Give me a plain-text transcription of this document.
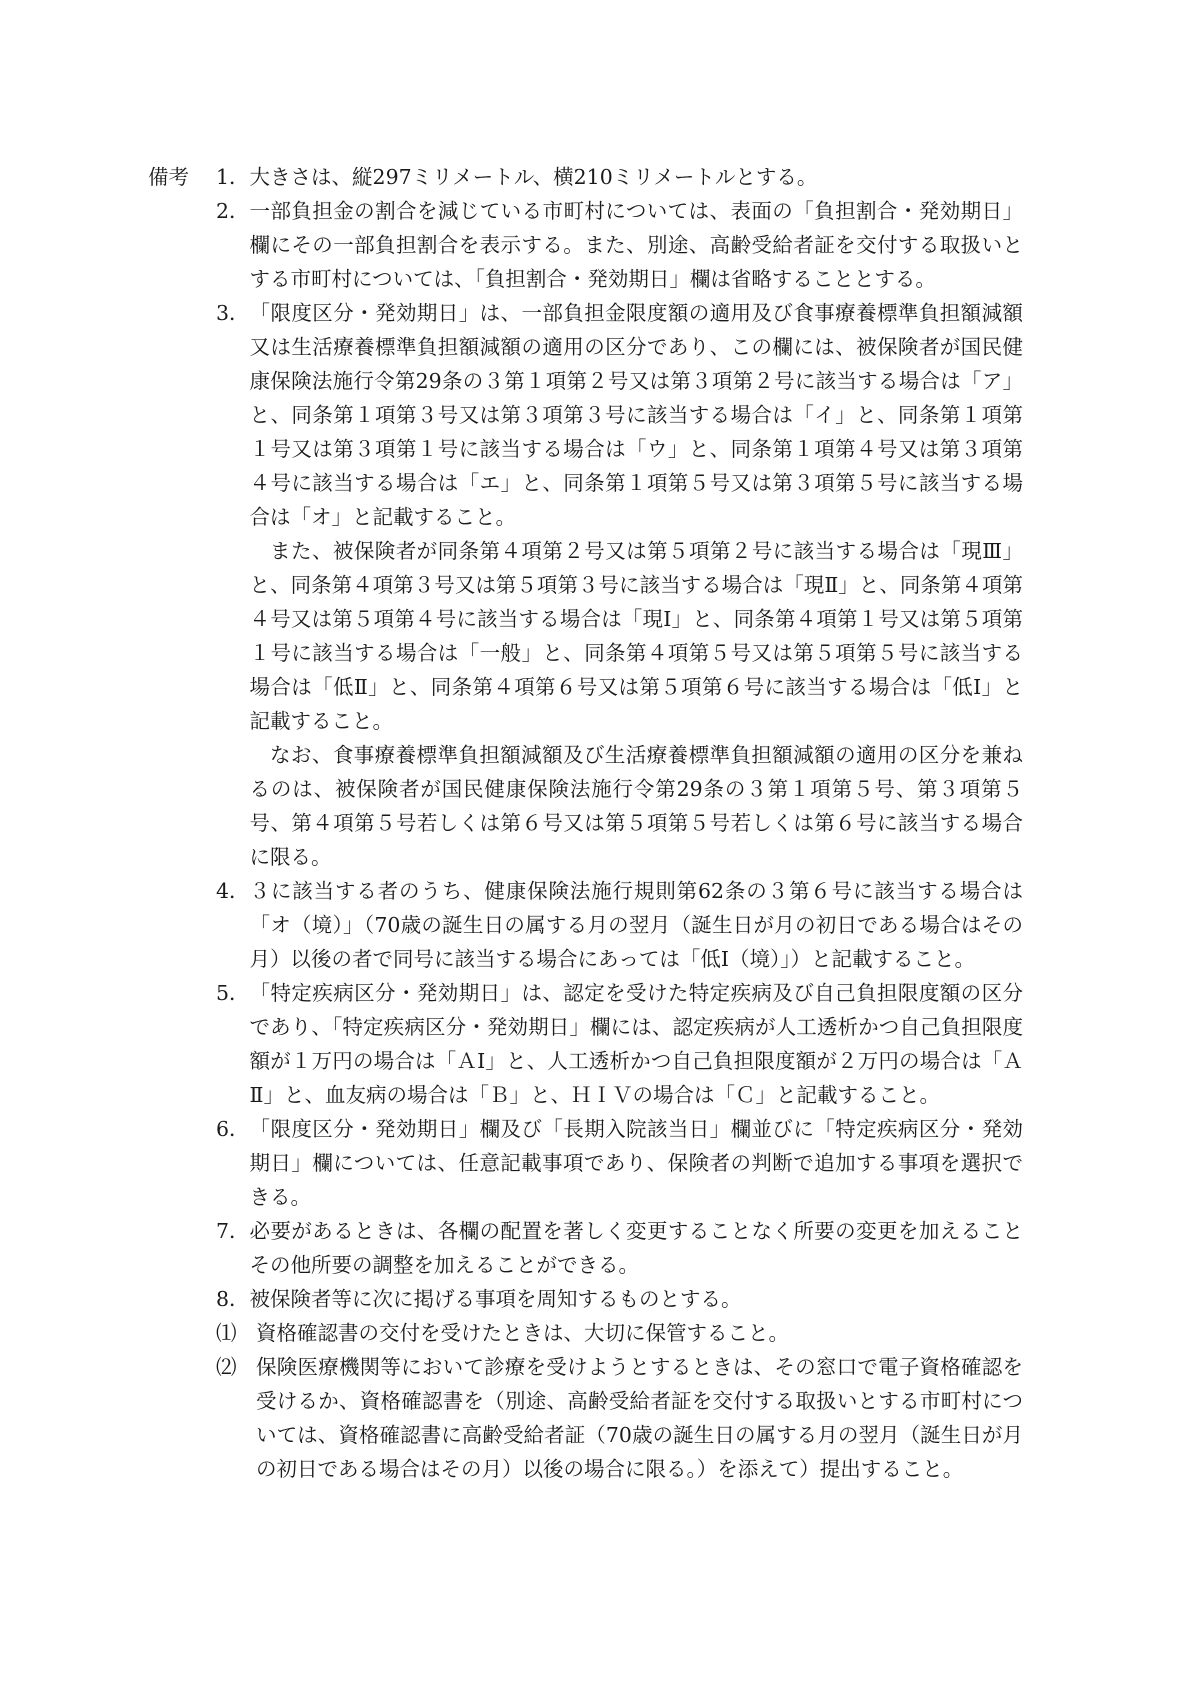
備考 1． 大きさは、縦297ミリメートル、横210ミリメートルとする。

2． 一部負担金の割合を減じている市町村については、表面の「負担割合・発効期日」欄にその一部負担割合を表示する。また、別途、高齢受給者証を交付する取扱いとする市町村については、「負担割合・発効期日」欄は省略することとする。

3． 「限度区分・発効期日」は、一部負担金限度額の適用及び食事療養標準負担額減額又は生活療養標準負担額減額の適用の区分であり、この欄には、被保険者が国民健康保険法施行令第29条の３第１項第２号又は第３項第２号に該当する場合は「ア」と、同条第１項第３号又は第３項第３号に該当する場合は「イ」と、同条第１項第１号又は第３項第１号に該当する場合は「ウ」と、同条第１項第４号又は第３項第４号に該当する場合は「エ」と、同条第１項第５号又は第３項第５号に該当する場合は「オ」と記載すること。

また、被保険者が同条第４項第２号又は第５項第２号に該当する場合は「現Ⅲ」と、同条第４項第３号又は第５項第３号に該当する場合は「現Ⅱ」と、同条第４項第４号又は第５項第４号に該当する場合は「現Ⅰ」と、同条第４項第１号又は第５項第１号に該当する場合は「一般」と、同条第４項第５号又は第５項第５号に該当する場合は「低Ⅱ」と、同条第４項第６号又は第５項第６号に該当する場合は「低Ⅰ」と記載すること。

なお、食事療養標準負担額減額及び生活療養標準負担額減額の適用の区分を兼ねるのは、被保険者が国民健康保険法施行令第29条の３第１項第５号、第３項第５号、第４項第５号若しくは第６号又は第５項第５号若しくは第６号に該当する場合に限る。

4． ３に該当する者のうち、健康保険法施行規則第62条の３第６号に該当する場合は「オ（境）」（70歳の誕生日の属する月の翌月（誕生日が月の初日である場合はその月）以後の者で同号に該当する場合にあっては「低Ⅰ（境）」）と記載すること。

5． 「特定疾病区分・発効期日」は、認定を受けた特定疾病及び自己負担限度額の区分であり、「特定疾病区分・発効期日」欄には、認定疾病が人工透析かつ自己負担限度額が１万円の場合は「ＡⅠ」と、人工透析かつ自己負担限度額が２万円の場合は「ＡⅡ」と、血友病の場合は「Ｂ」と、ＨＩＶの場合は「Ｃ」と記載すること。

6． 「限度区分・発効期日」欄及び「長期入院該当日」欄並びに「特定疾病区分・発効期日」欄については、任意記載事項であり、保険者の判断で追加する事項を選択できる。

7． 必要があるときは、各欄の配置を著しく変更することなく所要の変更を加えることその他所要の調整を加えることができる。

8． 被保険者等に次に掲げる事項を周知するものとする。

⑴ 資格確認書の交付を受けたときは、大切に保管すること。
⑵ 保険医療機関等において診療を受けようとするときは、その窓口で電子資格確認を受けるか、資格確認書を（別途、高齢受給者証を交付する取扱いとする市町村については、資格確認書に高齢受給者証（70歳の誕生日の属する月の翌月（誕生日が月の初日である場合はその月）以後の場合に限る。）を添えて）提出すること。
